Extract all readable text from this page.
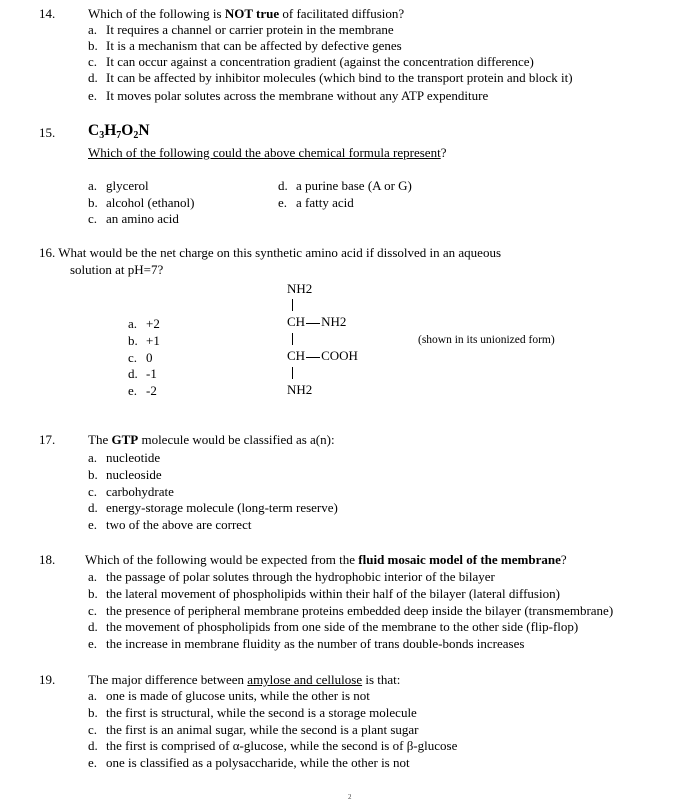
14.	Which of the following is NOT true of facilitated diffusion?
a. It requires a channel or carrier protein in the membrane
b. It is a mechanism that can be affected by defective genes
c. It can occur against a concentration gradient (against the concentration difference)
d. It can be affected by inhibitor molecules (which bind to the transport protein and block it)
e. It moves polar solutes across the membrane without any ATP expenditure
15. $C_3H_7O_2N$
Which of the following could the above chemical formula represent?
a. glycerol
b. alcohol (ethanol)
c. an amino acid
d. a purine base (A or G)
e. a fatty acid
16. What would be the net charge on this synthetic amino acid if dissolved in an aqueous
solution at pH=7?
a. +2
b. +1
c. 0
d. -1
e. -2
NH2
CH NH2
CH COOH
NH2
(shown in its unionized form)
17.	The GTP molecule would be classified as a(n):
a. nucleotide
b. nucleoside
c. carbohydrate
d. energy-storage molecule (long-term reserve)
e. two of the above are correct
18. Which of the following would be expected from the fluid mosaic model of the membrane?
a. the passage of polar solutes through the hydrophobic interior of the bilayer
b. the lateral movement of phospholipids within their half of the bilayer (lateral diffusion)
c. the presence of peripheral membrane proteins embedded deep inside the bilayer (transmembrane)
d. the movement of phospholipids from one side of the membrane to the other side (flip-flop)
e. the increase in membrane fluidity as the number of trans double-bonds increases
19.	The major difference between amylose and cellulose is that:
a. one is made of glucose units, while the other is not
b. the first is structural, while the second is a storage molecule
c. the first is an animal sugar, while the second is a plant sugar
d. the first is comprised of α-glucose, while the second is of β-glucose
e. one is classified as a polysaccharide, while the other is not
2
